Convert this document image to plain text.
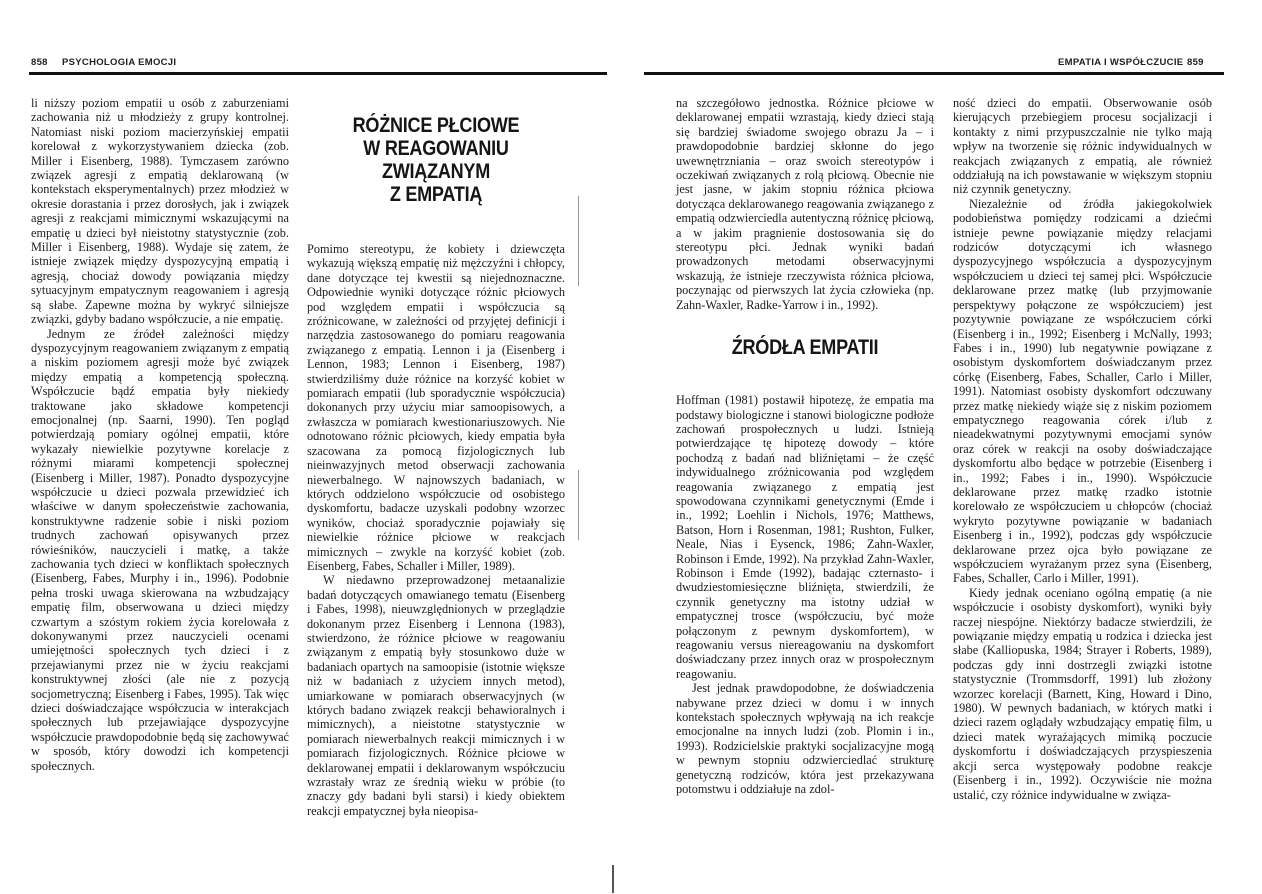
858 PSYCHOLOGIA EMOCJI

li niższy poziom empatii u osób z zaburzeniami zachowania niż u młodzieży z grupy kontrolnej. Natomiast niski poziom macierzyńskiej empatii korelował z wykorzystywaniem dziecka (zob. Miller i Eisenberg, 1988). Tymczasem zarówno związek agresji z empatią deklarowaną (w kontekstach eksperymentalnych) przez młodzież w okresie dorastania i przez dorosłych, jak i związek agresji z reakcjami mimicznymi wskazującymi na empatię u dzieci był nieistotny statystycznie (zob. Miller i Eisenberg, 1988). Wydaje się zatem, że istnieje związek między dyspozycyjną empatią i agresją, chociaż dowody powiązania między sytuacyjnym empatycznym reagowaniem i agresją są słabe. Zapewne można by wykryć silniejsze związki, gdyby badano współczucie, a nie empatię.

Jednym ze źródeł zależności między dyspozycyjnym reagowaniem związanym z empatią a niskim poziomem agresji może być związek między empatią a kompetencją społeczną. Współczucie bądź empatia były niekiedy traktowane jako składowe kompetencji emocjonalnej (np. Saarni, 1990). Ten pogląd potwierdzają pomiary ogólnej empatii, które wykazały niewielkie pozytywne korelacje z różnymi miarami kompetencji społecznej (Eisenberg i Miller, 1987). Ponadto dyspozycyjne współczucie u dzieci pozwala przewidzieć ich właściwe w danym społeczeństwie zachowania, konstruktywne radzenie sobie i niski poziom trudnych zachowań opisywanych przez rówieśników, nauczycieli i matkę, a także zachowania tych dzieci w konfliktach społecznych (Eisenberg, Fabes, Murphy i in., 1996). Podobnie pełna troski uwaga skierowana na wzbudzający empatię film, obserwowana u dzieci między czwartym a szóstym rokiem życia korelowała z dokonywanymi przez nauczycieli ocenami umiejętności społecznych tych dzieci i z przejawianymi przez nie w życiu reakcjami konstruktywnej złości (ale nie z pozycją socjometryczną; Eisenberg i Fabes, 1995). Tak więc dzieci doświadczające współczucia w interakcjach społecznych lub przejawiające dyspozycyjne współczucie prawdopodobnie będą się zachowywać w sposób, który dowodzi ich kompetencji społecznych.

RÓŻNICE PŁCIOWE
W REAGOWANIU ZWIĄZANYM
Z EMPATIĄ

Pomimo stereotypu, że kobiety i dziewczęta wykazują większą empatię niż mężczyźni i chłopcy, dane dotyczące tej kwestii są niejednoznaczne. Odpowiednie wyniki dotyczące różnic płciowych pod względem empatii i współczucia są zróżnicowane, w zależności od przyjętej definicji i narzędzia zastosowanego do pomiaru reagowania związanego z empatią. Lennon i ja (Eisenberg i Lennon, 1983; Lennon i Eisenberg, 1987) stwierdziliśmy duże różnice na korzyść kobiet w pomiarach empatii (lub sporadycznie współczucia) dokonanych przy użyciu miar samoopisowych, a zwłaszcza w pomiarach kwestionariuszowych. Nie odnotowano różnic płciowych, kiedy empatia była szacowana za pomocą fizjologicznych lub nieinwazyjnych metod obserwacji zachowania niewerbalnego. W najnowszych badaniach, w których oddzielono współczucie od osobistego dyskomfortu, badacze uzyskali podobny wzorzec wyników, chociaż sporadycznie pojawiały się niewielkie różnice płciowe w reakcjach mimicznych – zwykle na korzyść kobiet (zob. Eisenberg, Fabes, Schaller i Miller, 1989).

W niedawno przeprowadzonej metaanalizie badań dotyczących omawianego tematu (Eisenberg i Fabes, 1998), nieuwzględnionych w przeglądzie dokonanym przez Eisenberg i Lennona (1983), stwierdzono, że różnice płciowe w reagowaniu związanym z empatią były stosunkowo duże w badaniach opartych na samoopisie (istotnie większe niż w badaniach z użyciem innych metod), umiarkowane w pomiarach obserwacyjnych (w których badano związek reakcji behawioralnych i mimicznych), a nieistotne statystycznie w pomiarach niewerbalnych reakcji mimicznych i w pomiarach fizjologicznych. Różnice płciowe w deklarowanej empatii i deklarowanym współczuciu wzrastały wraz ze średnią wieku w próbie (to znaczy gdy badani byli starsi) i kiedy obiektem reakcji empatycznej była nieopisa-

EMPATIA I WSPÓŁCZUCIE 859

na szczegółowo jednostka. Różnice płciowe w deklarowanej empatii wzrastają, kiedy dzieci stają się bardziej świadome swojego obrazu Ja – i prawdopodobnie bardziej skłonne do jego uwewnętrzniania – oraz swoich stereotypów i oczekiwań związanych z rolą płciową. Obecnie nie jest jasne, w jakim stopniu różnica płciowa dotycząca deklarowanego reagowania związanego z empatią odzwierciedla autentyczną różnicę płciową, a w jakim pragnienie dostosowania się do stereotypu płci. Jednak wyniki badań prowadzonych metodami obserwacyjnymi wskazują, że istnieje rzeczywista różnica płciowa, poczynając od pierwszych lat życia człowieka (np. Zahn-Waxler, Radke-Yarrow i in., 1992).

ŹRÓDŁA EMPATII

Hoffman (1981) postawił hipotezę, że empatia ma podstawy biologiczne i stanowi biologiczne podłoże zachowań prospołecznych u ludzi. Istnieją potwierdzające tę hipotezę dowody – które pochodzą z badań nad bliźniętami – że część indywidualnego zróżnicowania pod względem reagowania związanego z empatią jest spowodowana czynnikami genetycznymi (Emde i in., 1992; Loehlin i Nichols, 1976; Matthews, Batson, Horn i Rosenman, 1981; Rushton, Fulker, Neale, Nias i Eysenck, 1986; Zahn-Waxler, Robinson i Emde, 1992). Na przykład Zahn-Waxler, Robinson i Emde (1992), badając czternasto- i dwudziestomiesięczne bliźnięta, stwierdzili, że czynnik genetyczny ma istotny udział w empatycznej trosce (współczuciu, być może połączonym z pewnym dyskomfortem), w reagowaniu versus niereagowaniu na dyskomfort doświadczany przez innych oraz w prospołecznym reagowaniu.

Jest jednak prawdopodobne, że doświadczenia nabywane przez dzieci w domu i w innych kontekstach społecznych wpływają na ich reakcje emocjonalne na innych ludzi (zob. Plomin i in., 1993). Rodzicielskie praktyki socjalizacyjne mogą w pewnym stopniu odzwierciedlać strukturę genetyczną rodziców, która jest przekazywana potomstwu i oddziałuje na zdol-

ność dzieci do empatii. Obserwowanie osób kierujących przebiegiem procesu socjalizacji i kontakty z nimi przypuszczalnie nie tylko mają wpływ na tworzenie się różnic indywidualnych w reakcjach związanych z empatią, ale również oddziałują na ich powstawanie w większym stopniu niż czynnik genetyczny.

Niezależnie od źródła jakiegokolwiek podobieństwa pomiędzy rodzicami a dziećmi istnieje pewne powiązanie między relacjami rodziców dotyczącymi ich własnego dyspozycyjnego współczucia a dyspozycyjnym współczuciem u dzieci tej samej płci. Współczucie deklarowane przez matkę (lub przyjmowanie perspektywy połączone ze współczuciem) jest pozytywnie powiązane ze współczuciem córki (Eisenberg i in., 1992; Eisenberg i McNally, 1993; Fabes i in., 1990) lub negatywnie powiązane z osobistym dyskomfortem doświadczanym przez córkę (Eisenberg, Fabes, Schaller, Carlo i Miller, 1991). Natomiast osobisty dyskomfort odczuwany przez matkę niekiedy wiąże się z niskim poziomem empatycznego reagowania córek i/lub z nieadekwatnymi pozytywnymi emocjami synów oraz córek w reakcji na osoby doświadczające dyskomfortu albo będące w potrzebie (Eisenberg i in., 1992; Fabes i in., 1990). Współczucie deklarowane przez matkę rzadko istotnie korelowało ze współczuciem u chłopców (chociaż wykryto pozytywne powiązanie w badaniach Eisenberg i in., 1992), podczas gdy współczucie deklarowane przez ojca było powiązane ze współczuciem wyrażanym przez syna (Eisenberg, Fabes, Schaller, Carlo i Miller, 1991).

Kiedy jednak oceniano ogólną empatię (a nie współczucie i osobisty dyskomfort), wyniki były raczej niespójne. Niektórzy badacze stwierdzili, że powiązanie między empatią u rodzica i dziecka jest słabe (Kalliopuska, 1984; Strayer i Roberts, 1989), podczas gdy inni dostrzegli związki istotne statystycznie (Trommsdorff, 1991) lub złożony wzorzec korelacji (Barnett, King, Howard i Dino, 1980). W pewnych badaniach, w których matki i dzieci razem oglądały wzbudzający empatię film, u dzieci matek wyrażających mimiką poczucie dyskomfortu i doświadczających przyspieszenia akcji serca występowały podobne reakcje (Eisenberg i in., 1992). Oczywiście nie można ustalić, czy różnice indywidualne w związa-
